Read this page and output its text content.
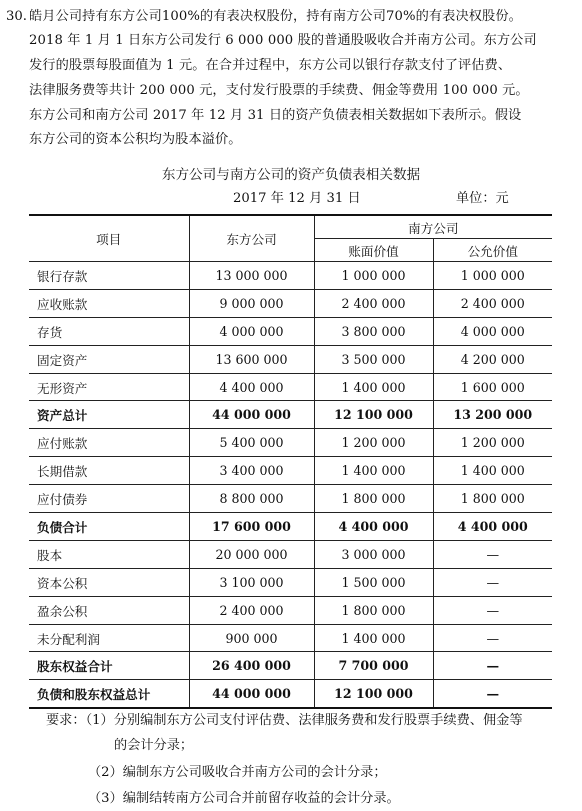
30. 皓月公司持有东方公司100%的有表决权股份，持有南方公司70%的有表决权股份。
2018 年 1 月 1 日东方公司发行 6 000 000 股的普通股吸收合并南方公司。东方公司
发行的股票每股面值为 1 元。在合并过程中，东方公司以银行存款支付了评估费、
法律服务费等共计 200 000 元，支付发行股票的手续费、佣金等费用 100 000 元。
东方公司和南方公司 2017 年 12 月 31 日的资产负债表相关数据如下表所示。假设
东方公司的资本公积均为股本溢价。
东方公司与南方公司的资产负债表相关数据
2017 年 12 月 31 日	单位：元
项目	东方公司	南方公司	
		账面价值	公允价值
银行存款	13 000 000	1 000 000	1 000 000
应收账款	9 000 000	2 400 000	2 400 000
存货	4 000 000	3 800 000	4 000 000
固定资产	13 600 000	3 500 000	4 200 000
无形资产	4 400 000	1 400 000	1 600 000
资产总计	44 000 000	12 100 000	13 200 000
应付账款	5 400 000	1 200 000	1 200 000
长期借款	3 400 000	1 400 000	1 400 000
应付债券	8 800 000	1 800 000	1 800 000
负债合计	17 600 000	4 400 000	4 400 000
股本	20 000 000	3 000 000	—
资本公积	3 100 000	1 500 000	—
盈余公积	2 400 000	1 800 000	—
未分配利润	900 000	1 400 000	—
股东权益合计	26 400 000	7 700 000	—
负债和股东权益总计	44 000 000	12 100 000	—
要求：（1）分别编制东方公司支付评估费、法律服务费和发行股票手续费、佣金等
的会计分录；
（2）编制东方公司吸收合并南方公司的会计分录；
（3）编制结转南方公司合并前留存收益的会计分录。
